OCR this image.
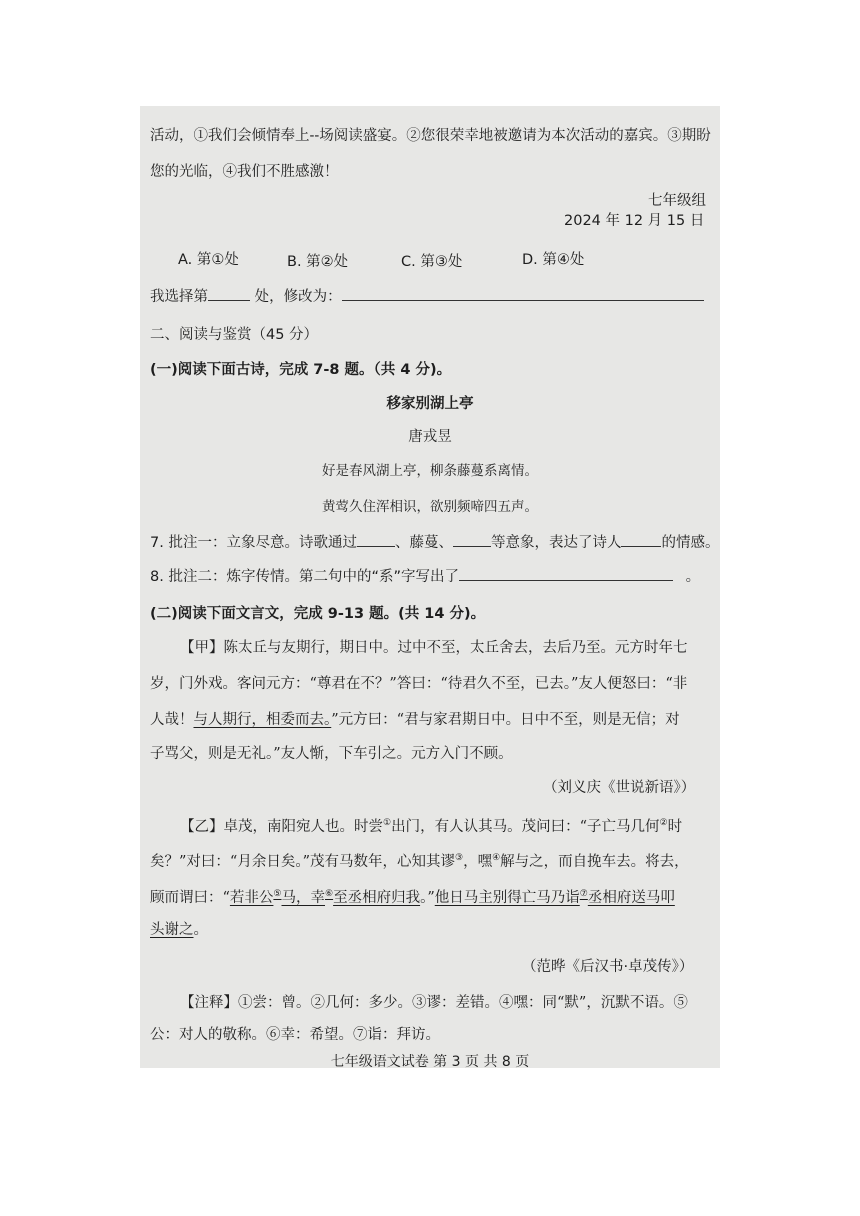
活动，①我们会倾情奉上--场阅读盛宴。②您很荣幸地被邀请为本次活动的嘉宾。③期盼
您的光临，④我们不胜感激！
七年级组
2024 年 12 月 15 日
A. 第①处	B. 第②处	C. 第③处	D. 第④处
我选择第	处，修改为：
二、阅读与鉴赏（45 分）
(一)阅读下面古诗，完成 7-8 题。（共 4 分)。
移家别湖上亭
唐戎昱
好是春风湖上亭，柳条藤蔓系离情。
黄莺久住浑相识，欲别频啼四五声。
7. 批注一：立象尽意。诗歌通过	、藤蔓、	等意象，表达了诗人	的情感。
8. 批注二：炼字传情。第二句中的“系”字写出了	。
(二)阅读下面文言文，完成 9-13 题。(共 14 分)。
【甲】陈太丘与友期行，期日中。过中不至，太丘舍去，去后乃至。元方时年七
岁，门外戏。客问元方：“尊君在不？”答曰：“待君久不至，已去。”友人便怒曰：“非
人哉！与人期行，相委而去。”元方曰：“君与家君期日中。日中不至，则是无信；对
子骂父，则是无礼。”友人惭，下车引之。元方入门不顾。
（刘义庆《世说新语》）
【乙】卓茂，南阳宛人也。时尝①出门，有人认其马。茂问曰：“子亡马几何②时
矣？”对曰：“月余日矣。”茂有马数年，心知其谬③，嘿④解与之，而自挽车去。将去，
顾而谓曰：“若非公⑤马，幸⑥至丞相府归我。”他日马主别得亡马乃诣⑦丞相府送马叩
头谢之。
（范晔《后汉书·卓茂传》）
【注释】①尝：曾。②几何：多少。③谬：差错。④嘿：同“默”，沉默不语。⑤
公：对人的敬称。⑥幸：希望。⑦诣：拜访。
七年级语文试卷 第 3 页 共 8 页
